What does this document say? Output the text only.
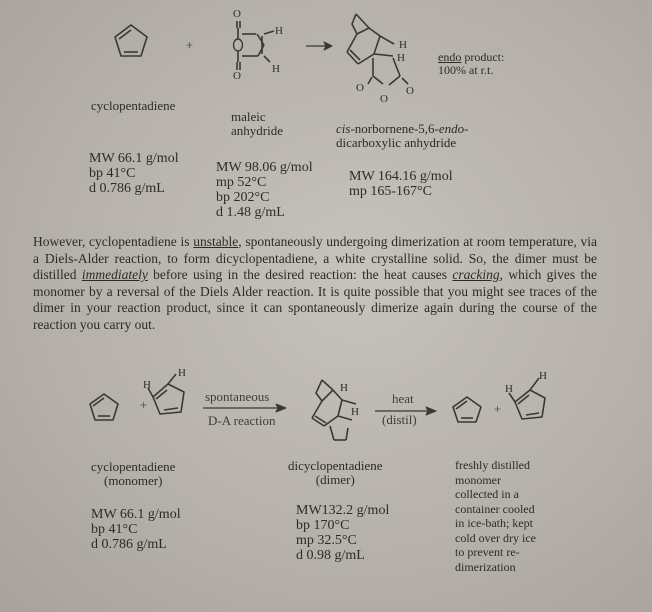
+
O
O
H
H
H
H
O
O
O
endo product:
100% at r.t.
cyclopentadiene
maleic
anhydride	cis-norbornene-5,6-endo-
dicarboxylic anhydride
MW 66.1 g/mol
bp 41°C
d 0.786 g/mL
MW 98.06 g/mol
mp 52°C
bp 202°C
d 1.48 g/mL
MW 164.16 g/mol
mp 165-167°C

However, cyclopentadiene is unstable, spontaneously undergoing dimerization at room temperature, via a Diels-Alder reaction, to form dicyclopentadiene, a white crystalline solid. So, the dimer must be distilled immediately before using in the desired reaction: the heat causes cracking, which gives the monomer by a reversal of the Diels Alder reaction. It is quite possible that you might see traces of the dimer in your reaction product, since it can spontaneously dimerize again during the course of the reaction you carry out.

+
H
H
spontaneous
D-A reaction
H
H
heat
(distil)
+
H
H
cyclopentadiene
(monomer)
dicyclopentadiene
(dimer)
MW 66.1 g/mol
bp 41°C
d 0.786 g/mL
MW132.2 g/mol
bp 170°C
mp 32.5°C
d 0.98 g/mL
freshly distilled
monomer
collected in a
container cooled
in ice-bath; kept
cold over dry ice
to prevent re-
dimerization
